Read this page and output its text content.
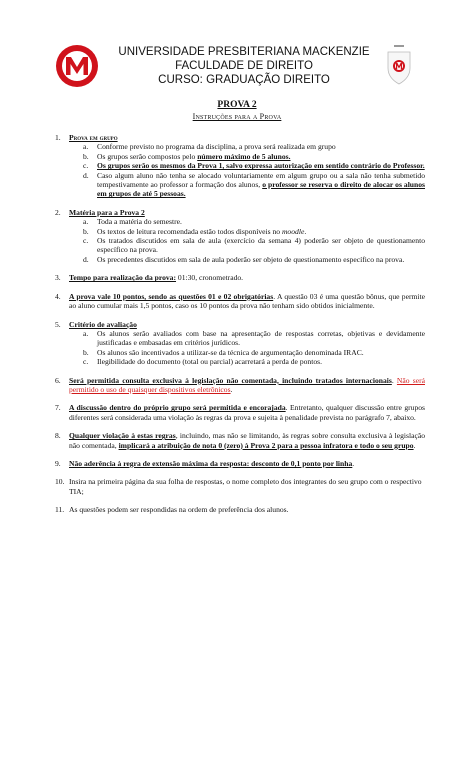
UNIVERSIDADE PRESBITERIANA MACKENZIE
FACULDADE DE DIREITO
CURSO: GRADUAÇÃO DIREITO
PROVA 2
Instruções para a Prova
1. Prova em grupo
a. Conforme previsto no programa da disciplina, a prova será realizada em grupo
b. Os grupos serão compostos pelo número máximo de 5 alunos.
c. Os grupos serão os mesmos da Prova 1, salvo expressa autorização em sentido contrário do Professor.
d. Caso algum aluno não tenha se alocado voluntariamente em algum grupo ou a sala não tenha submetido tempestivamente ao professor a formação dos alunos, o professor se reserva o direito de alocar os alunos em grupos de até 5 pessoas.
2. Matéria para a Prova 2
a. Toda a matéria do semestre.
b. Os textos de leitura recomendada estão todos disponíveis no moodle.
c. Os tratados discutidos em sala de aula (exercício da semana 4) poderão ser objeto de questionamento específico na prova.
d. Os precedentes discutidos em sala de aula poderão ser objeto de questionamento específico na prova.
3. Tempo para realização da prova: 01:30, cronometrado.
4. A prova vale 10 pontos, sendo as questões 01 e 02 obrigatórias. A questão 03 é uma questão bônus, que permite ao aluno cumular mais 1,5 pontos, caso os 10 pontos da prova não tenham sido obtidos inicialmente.
5. Critério de avaliação
a. Os alunos serão avaliados com base na apresentação de respostas corretas, objetivas e devidamente justificadas e embasadas em critérios jurídicos.
b. Os alunos são incentivados a utilizar-se da técnica de argumentação denominada IRAC.
c. Ilegibilidade do documento (total ou parcial) acarretará a perda de pontos.
6. Será permitida consulta exclusiva à legislação não comentada, incluindo tratados internacionais. Não será permitido o uso de quaisquer dispositivos eletrônicos.
7. A discussão dentro do próprio grupo será permitida e encorajada. Entretanto, qualquer discussão entre grupos diferentes será considerada uma violação às regras da prova e sujeita à penalidade prevista no parágrafo 7, abaixo.
8. Qualquer violação à estas regras, incluindo, mas não se limitando, às regras sobre consulta exclusiva à legislação não comentada, implicará a atribuição de nota 0 (zero) à Prova 2 para a pessoa infratora e todo o seu grupo.
9. Não aderência à regra de extensão máxima da resposta: desconto de 0,1 ponto por linha.
10. Insira na primeira página da sua folha de respostas, o nome completo dos integrantes do seu grupo com o respectivo TIA;
11. As questões podem ser respondidas na ordem de preferência dos alunos.
